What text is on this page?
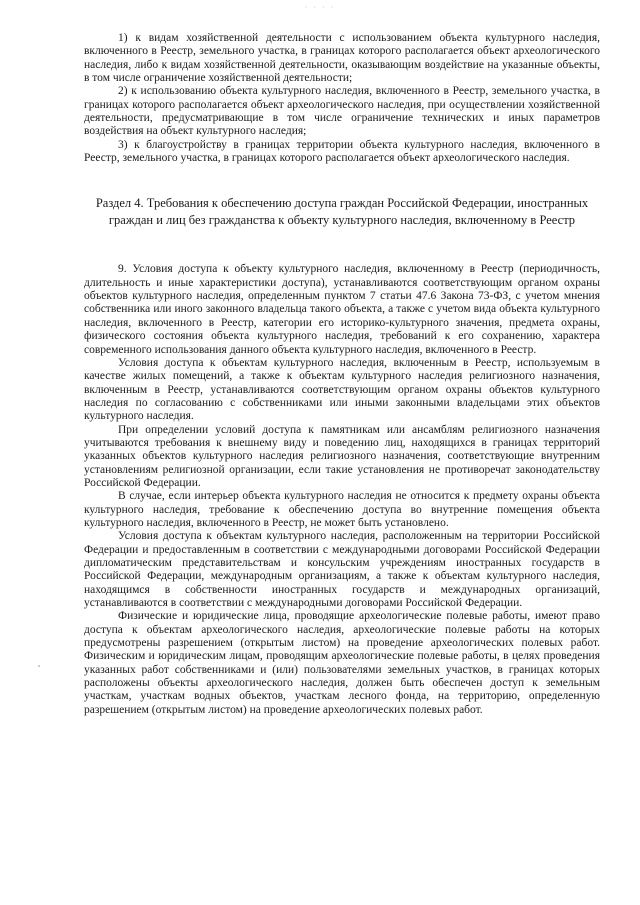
· · · ·

1) к видам хозяйственной деятельности с использованием объекта культурного наследия, включенного в Реестр, земельного участка, в границах которого располагается объект археологического наследия, либо к видам хозяйственной деятельности, оказывающим воздействие на указанные объекты, в том числе ограничение хозяйственной деятельности;

2) к использованию объекта культурного наследия, включенного в Реестр, земельного участка, в границах которого располагается объект археологического наследия, при осуществлении хозяйственной деятельности, предусматривающие в том числе ограничение технических и иных параметров воздействия на объект культурного наследия;

3) к благоустройству в границах территории объекта культурного наследия, включенного в Реестр, земельного участка, в границах которого располагается объект археологического наследия.

Раздел 4. Требования к обеспечению доступа граждан Российской Федерации, иностранных граждан и лиц без гражданства к объекту культурного наследия, включенному в Реестр

9. Условия доступа к объекту культурного наследия, включенному в Реестр (периодичность, длительность и иные характеристики доступа), устанавливаются соответствующим органом охраны объектов культурного наследия, определенным пунктом 7 статьи 47.6 Закона 73-ФЗ, с учетом мнения собственника или иного законного владельца такого объекта, а также с учетом вида объекта культурного наследия, включенного в Реестр, категории его историко-культурного значения, предмета охраны, физического состояния объекта культурного наследия, требований к его сохранению, характера современного использования данного объекта культурного наследия, включенного в Реестр.

Условия доступа к объектам культурного наследия, включенным в Реестр, используемым в качестве жилых помещений, а также к объектам культурного наследия религиозного назначения, включенным в Реестр, устанавливаются соответствующим органом охраны объектов культурного наследия по согласованию с собственниками или иными законными владельцами этих объектов культурного наследия.

При определении условий доступа к памятникам или ансамблям религиозного назначения учитываются требования к внешнему виду и поведению лиц, находящихся в границах территорий указанных объектов культурного наследия религиозного назначения, соответствующие внутренним установлениям религиозной организации, если такие установления не противоречат законодательству Российской Федерации.

В случае, если интерьер объекта культурного наследия не относится к предмету охраны объекта культурного наследия, требование к обеспечению доступа во внутренние помещения объекта культурного наследия, включенного в Реестр, не может быть установлено.

Условия доступа к объектам культурного наследия, расположенным на территории Российской Федерации и предоставленным в соответствии с международными договорами Российской Федерации дипломатическим представительствам и консульским учреждениям иностранных государств в Российской Федерации, международным организациям, а также к объектам культурного наследия, находящимся в собственности иностранных государств и международных организаций, устанавливаются в соответствии с международными договорами Российской Федерации.

Физические и юридические лица, проводящие археологические полевые работы, имеют право доступа к объектам археологического наследия, археологические полевые работы на которых предусмотрены разрешением (открытым листом) на проведение археологических полевых работ. Физическим и юридическим лицам, проводящим археологические полевые работы, в целях проведения указанных работ собственниками и (или) пользователями земельных участков, в границах которых расположены объекты археологического наследия, должен быть обеспечен доступ к земельным участкам, участкам водных объектов, участкам лесного фонда, на территорию, определенную разрешением (открытым листом) на проведение археологических полевых работ.
